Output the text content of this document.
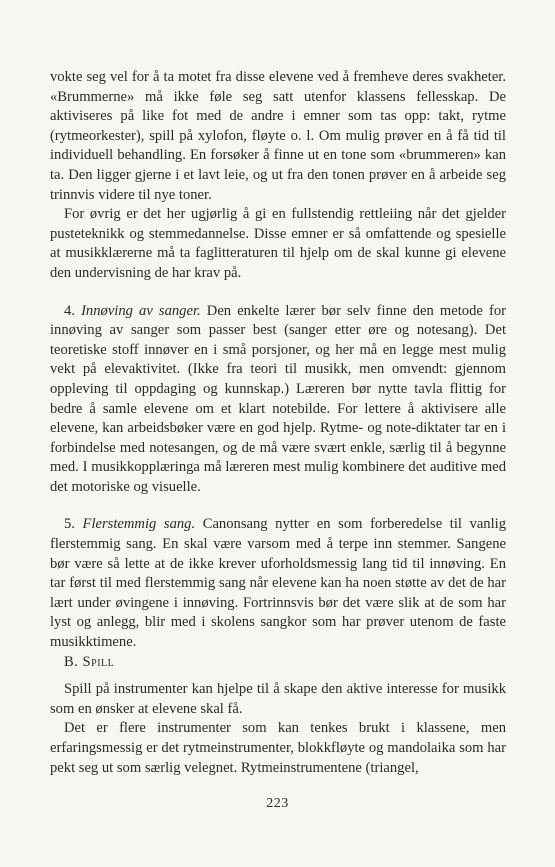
vokte seg vel for å ta motet fra disse elevene ved å fremheve deres svakheter. «Brummerne» må ikke føle seg satt utenfor klassens fellesskap. De aktiviseres på like fot med de andre i emner som tas opp: takt, rytme (rytmeorkester), spill på xylofon, fløyte o. l. Om mulig prøver en å få tid til individuell behandling. En forsøker å finne ut en tone som «brummeren» kan ta. Den ligger gjerne i et lavt leie, og ut fra den tonen prøver en å arbeide seg trinnvis videre til nye toner.

For øvrig er det her ugjørlig å gi en fullstendig rettleiing når det gjelder pusteteknikk og stemmedannelse. Disse emner er så omfattende og spesielle at musikklærerne må ta faglitteraturen til hjelp om de skal kunne gi elevene den undervisning de har krav på.

4. Innøving av sanger. Den enkelte lærer bør selv finne den metode for innøving av sanger som passer best (sanger etter øre og notesang). Det teoretiske stoff innøver en i små porsjoner, og her må en legge mest mulig vekt på elevaktivitet. (Ikke fra teori til musikk, men omvendt: gjennom oppleving til oppdaging og kunnskap.) Læreren bør nytte tavla flittig for bedre å samle elevene om et klart notebilde. For lettere å aktivisere alle elevene, kan arbeidsbøker være en god hjelp. Rytme- og note-diktater tar en i forbindelse med notesangen, og de må være svært enkle, særlig til å begynne med. I musikkopplæringa må læreren mest mulig kombinere det auditive med det motoriske og visuelle.

5. Flerstemmig sang. Canonsang nytter en som forberedelse til vanlig flerstemmig sang. En skal være varsom med å terpe inn stemmer. Sangene bør være så lette at de ikke krever uforholdsmessig lang tid til innøving. En tar først til med flerstemmig sang når elevene kan ha noen støtte av det de har lært under øvingene i innøving. Fortrinnsvis bør det være slik at de som har lyst og anlegg, blir med i skolens sangkor som har prøver utenom de faste musikktimene.

B. Spill

Spill på instrumenter kan hjelpe til å skape den aktive interesse for musikk som en ønsker at elevene skal få.

Det er flere instrumenter som kan tenkes brukt i klassene, men erfaringsmessig er det rytmeinstrumenter, blokkfløyte og mandolaika som har pekt seg ut som særlig velegnet. Rytmeinstrumentene (triangel,

223
